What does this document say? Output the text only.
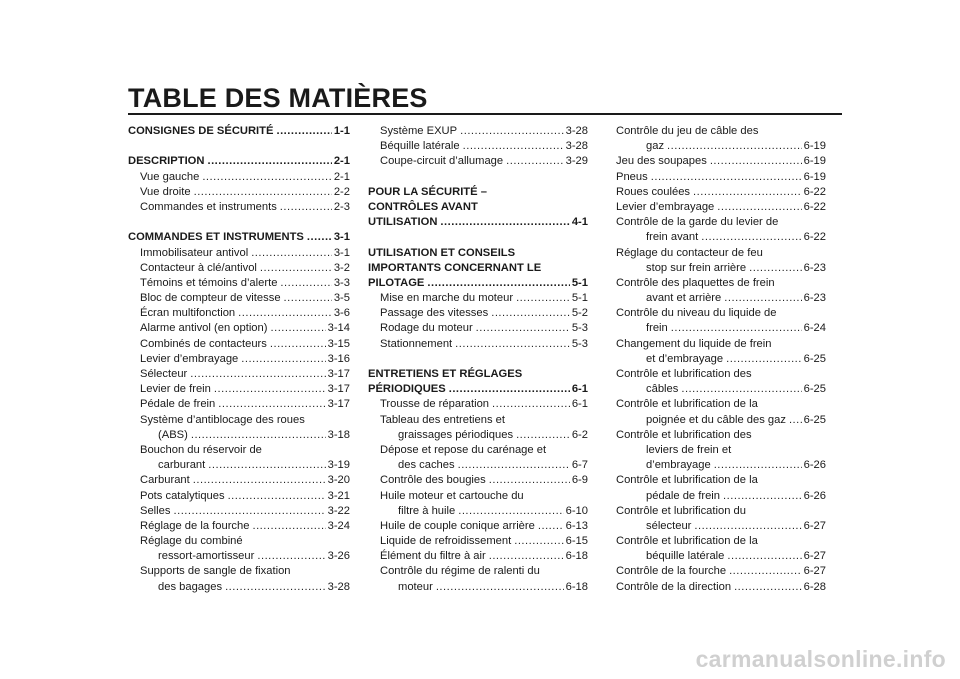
TABLE DES MATIÈRES
CONSIGNES DE SÉCURITÉ .....	1-1
DESCRIPTION .....	2-1
Vue gauche .....	2-1
Vue droite .....	2-2
Commandes et instruments .....	2-3
COMMANDES ET INSTRUMENTS .....	3-1
Immobilisateur antivol .....	3-1
Contacteur à clé/antivol .....	3-2
Témoins et témoins d’alerte .....	3-3
Bloc de compteur de vitesse .....	3-5
Écran multifonction .....	3-6
Alarme antivol (en option) .....	3-14
Combinés de contacteurs .....	3-15
Levier d’embrayage .....	3-16
Sélecteur .....	3-17
Levier de frein .....	3-17
Pédale de frein .....	3-17
Système d’antiblocage des roues
(ABS) .....	3-18
Bouchon du réservoir de
carburant .....	3-19
Carburant .....	3-20
Pots catalytiques .....	3-21
Selles .....	3-22
Réglage de la fourche .....	3-24
Réglage du combiné
ressort-amortisseur .....	3-26
Supports de sangle de fixation
des bagages .....	3-28
Système EXUP .....	3-28
Béquille latérale .....	3-28
Coupe-circuit d’allumage .....	3-29
POUR LA SÉCURITÉ –
CONTRÔLES AVANT
UTILISATION .....	4-1
UTILISATION ET CONSEILS
IMPORTANTS CONCERNANT LE
PILOTAGE .....	5-1
Mise en marche du moteur .....	5-1
Passage des vitesses .....	5-2
Rodage du moteur .....	5-3
Stationnement .....	5-3
ENTRETIENS ET RÉGLAGES
PÉRIODIQUES .....	6-1
Trousse de réparation .....	6-1
Tableau des entretiens et
graissages périodiques .....	6-2
Dépose et repose du carénage et
des caches .....	6-7
Contrôle des bougies .....	6-9
Huile moteur et cartouche du
filtre à huile .....	6-10
Huile de couple conique arrière .....	6-13
Liquide de refroidissement .....	6-15
Élément du filtre à air .....	6-18
Contrôle du régime de ralenti du
moteur .....	6-18
Contrôle du jeu de câble des
gaz .....	6-19
Jeu des soupapes .....	6-19
Pneus .....	6-19
Roues coulées .....	6-22
Levier d’embrayage .....	6-22
Contrôle de la garde du levier de
frein avant .....	6-22
Réglage du contacteur de feu
stop sur frein arrière .....	6-23
Contrôle des plaquettes de frein
avant et arrière .....	6-23
Contrôle du niveau du liquide de
frein .....	6-24
Changement du liquide de frein
et d’embrayage .....	6-25
Contrôle et lubrification des
câbles .....	6-25
Contrôle et lubrification de la
poignée et du câble des gaz ..... 6-25
Contrôle et lubrification des
leviers de frein et
d’embrayage .....	6-26
Contrôle et lubrification de la
pédale de frein .....	6-26
Contrôle et lubrification du
sélecteur .....	6-27
Contrôle et lubrification de la
béquille latérale .....	6-27
Contrôle de la fourche .....	6-27
Contrôle de la direction .....	6-28
carmanualsonline.info
